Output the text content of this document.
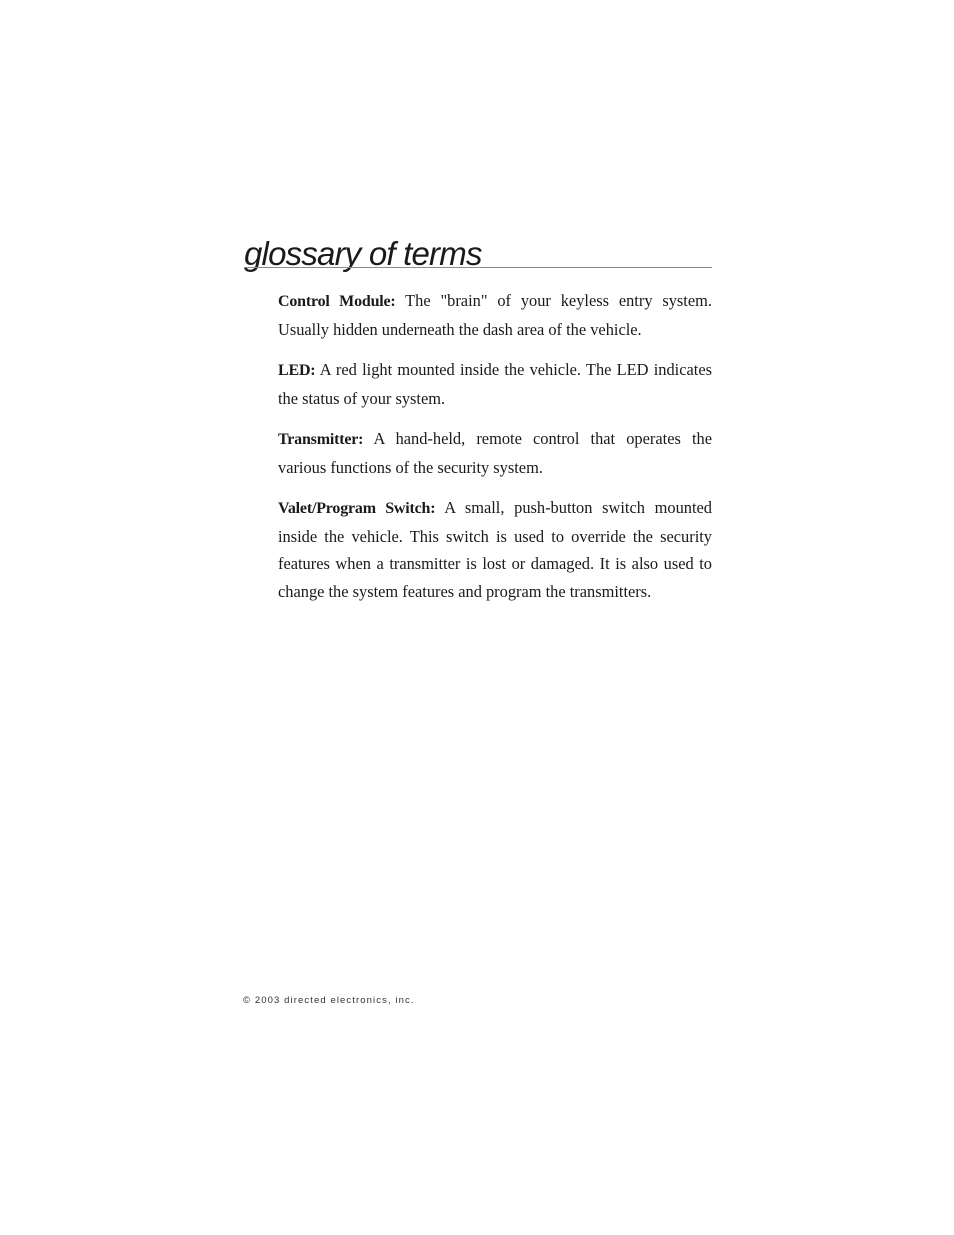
glossary of terms

Control Module: The "brain" of your keyless entry system. Usually hidden underneath the dash area of the vehicle.

LED: A red light mounted inside the vehicle. The LED indicates the status of your system.

Transmitter: A hand-held, remote control that operates the various functions of the security system.

Valet/Program Switch: A small, push-button switch mounted inside the vehicle. This switch is used to override the security features when a transmitter is lost or damaged. It is also used to change the system features and program the transmitters.

© 2003 directed electronics, inc.
